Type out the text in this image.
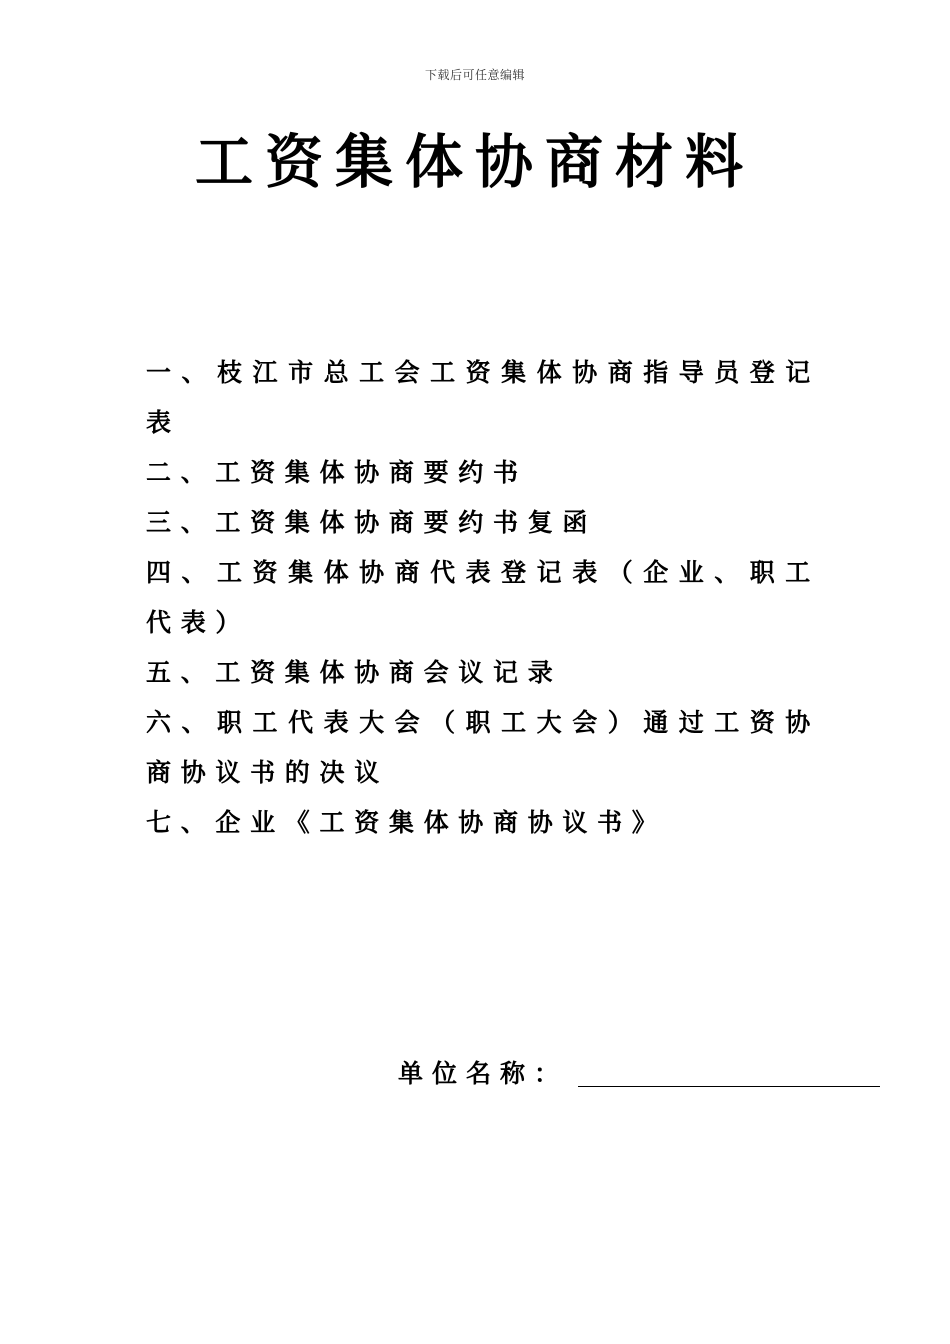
下载后可任意编辑
工资集体协商材料
一、枝江市总工会工资集体协商指导员登记表
二、工资集体协商要约书
三、工资集体协商要约书复函
四、工资集体协商代表登记表（企业、职工代表）
五、工资集体协商会议记录
六、职工代表大会（职工大会）通过工资协商协议书的决议
七、企业《工资集体协商协议书》
单位名称：
